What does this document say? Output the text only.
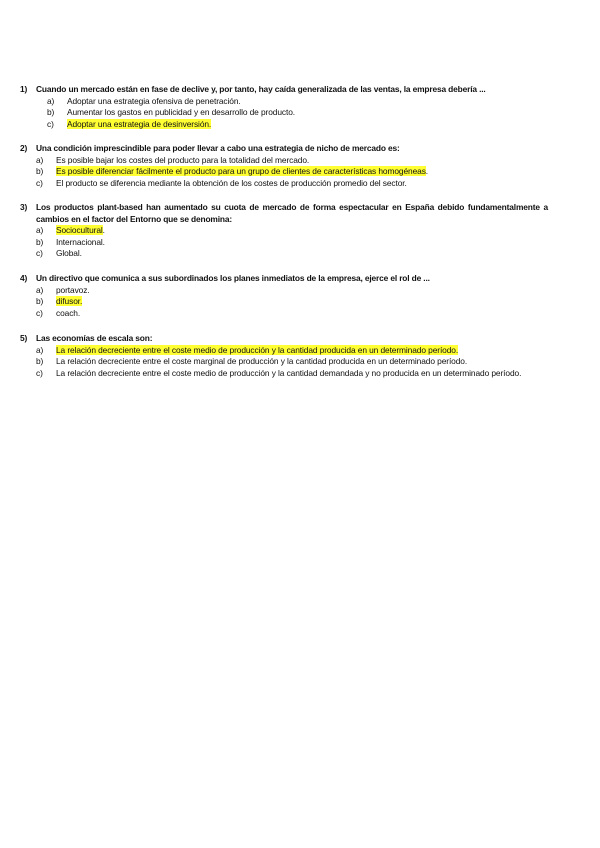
1)	Cuando un mercado están en fase de declive y, por tanto, hay caída generalizada de las ventas, la empresa debería ...
a)	Adoptar una estrategia ofensiva de penetración.
b)	Aumentar los gastos en publicidad y en desarrollo de producto.
c)	Adoptar una estrategia de desinversión.
2)	Una condición imprescindible para poder llevar a cabo una estrategia de nicho de mercado es:
a)	Es posible bajar los costes del producto para la totalidad del mercado.
b)	Es posible diferenciar fácilmente el producto para un grupo de clientes de características homogéneas.
c)	El producto se diferencia mediante la obtención de los costes de producción promedio del sector.
3)	Los productos plant-based han aumentado su cuota de mercado de forma espectacular en España debido fundamentalmente a cambios en el factor del Entorno que se denomina:
a)	Sociocultural.
b)	Internacional.
c)	Global.
4)	Un directivo que comunica a sus subordinados los planes inmediatos de la empresa, ejerce el rol de ...
a)	portavoz.
b)	difusor.
c)	coach.
5)	Las economías de escala son:
a)	La relación decreciente entre el coste medio de producción y la cantidad producida en un determinado período.
b)	La relación decreciente entre el coste marginal de producción y la cantidad producida en un determinado período.
c)	La relación decreciente entre el coste medio de producción y la cantidad demandada y no producida en un determinado período.
